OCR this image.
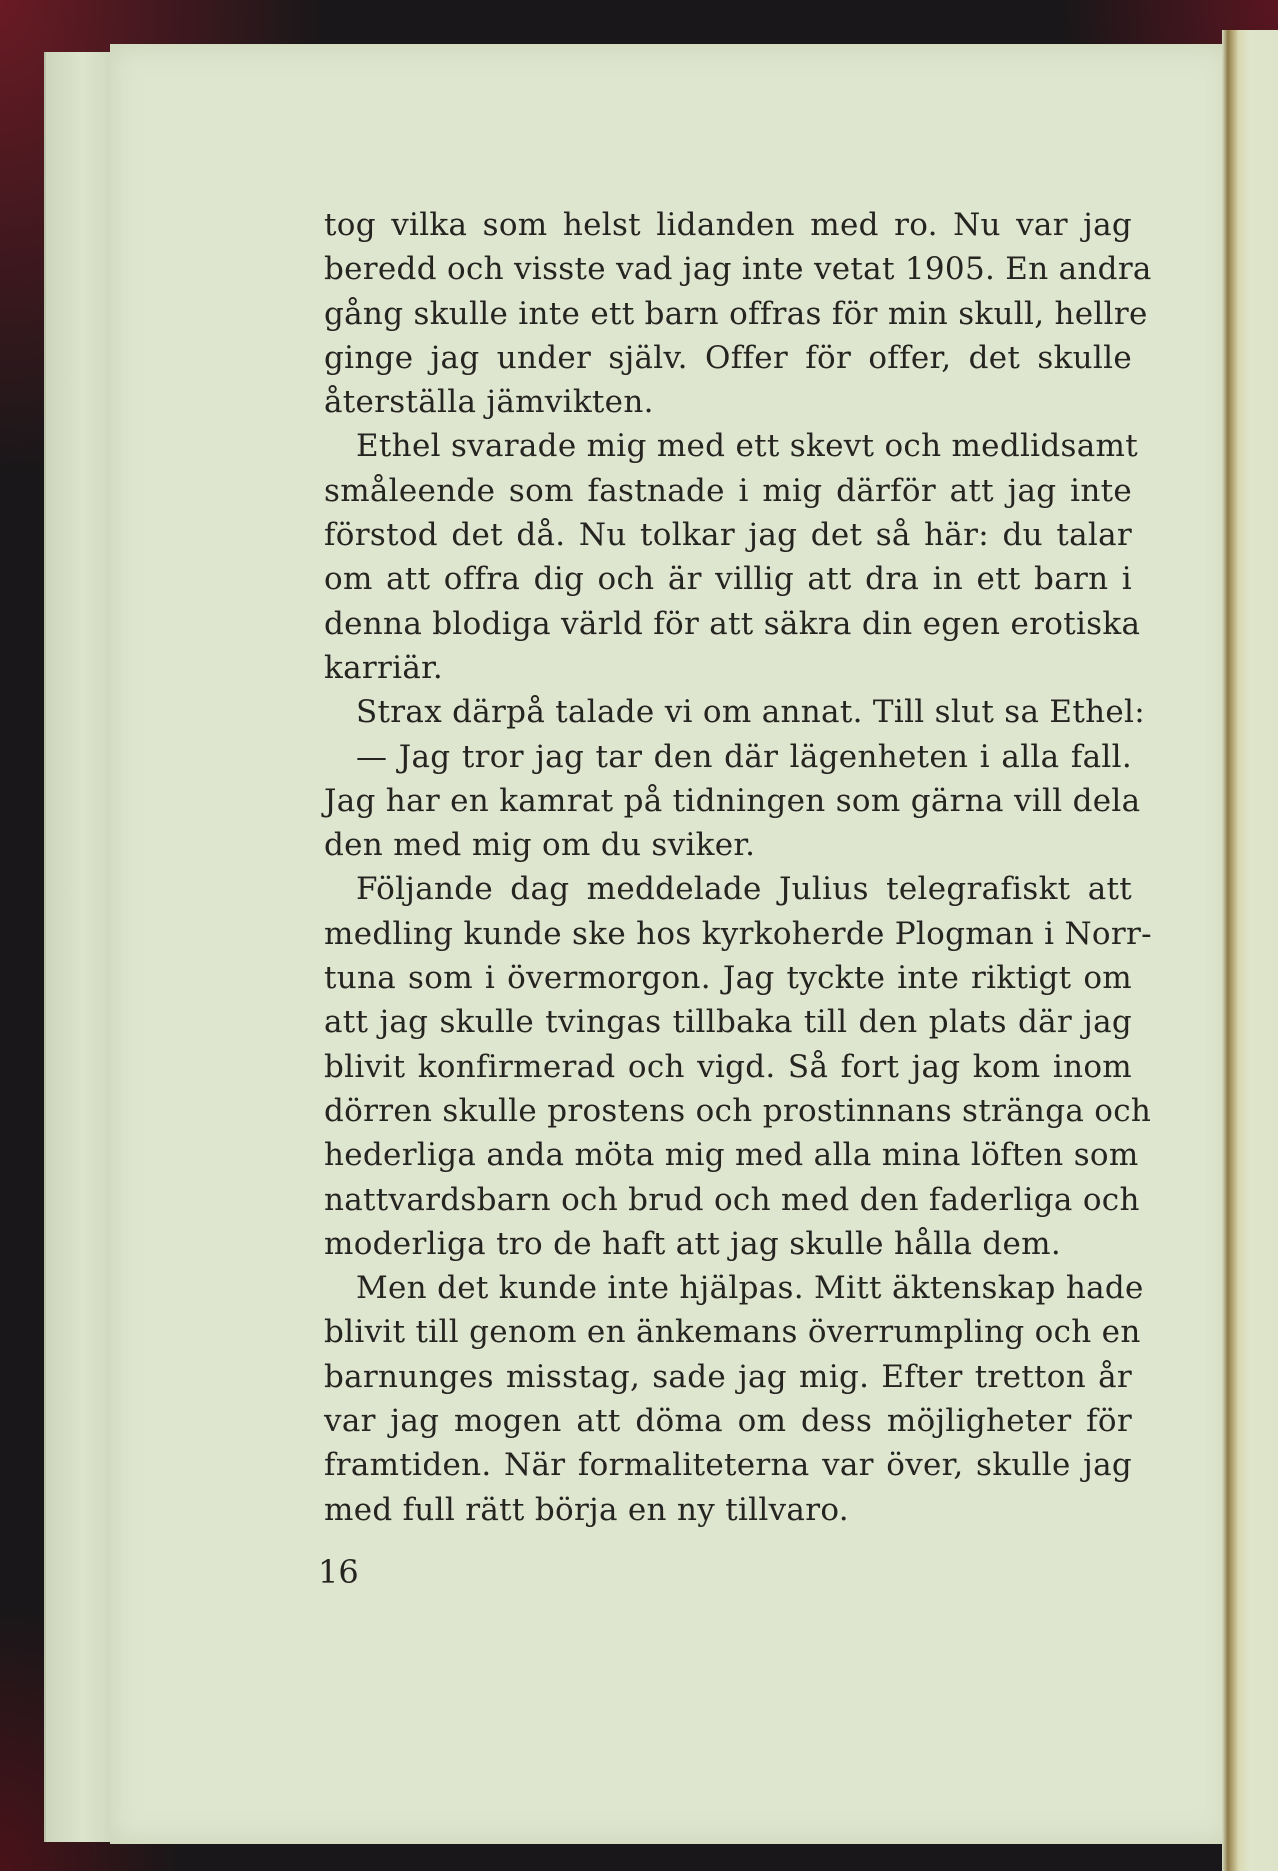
tog vilka som helst lidanden med ro. Nu var jag
beredd och visste vad jag inte vetat 1905. En andra
gång skulle inte ett barn offras för min skull, hellre
ginge jag under själv. Offer för offer, det skulle
återställa jämvikten.
Ethel svarade mig med ett skevt och medlidsamt
småleende som fastnade i mig därför att jag inte
förstod det då. Nu tolkar jag det så här: du talar
om att offra dig och är villig att dra in ett barn i
denna blodiga värld för att säkra din egen erotiska
karriär.
Strax därpå talade vi om annat. Till slut sa Ethel:
— Jag tror jag tar den där lägenheten i alla fall.
Jag har en kamrat på tidningen som gärna vill dela
den med mig om du sviker.
Följande dag meddelade Julius telegrafiskt att
medling kunde ske hos kyrkoherde Plogman i Norr-
tuna som i övermorgon. Jag tyckte inte riktigt om
att jag skulle tvingas tillbaka till den plats där jag
blivit konfirmerad och vigd. Så fort jag kom inom
dörren skulle prostens och prostinnans stränga och
hederliga anda möta mig med alla mina löften som
nattvardsbarn och brud och med den faderliga och
moderliga tro de haft att jag skulle hålla dem.
Men det kunde inte hjälpas. Mitt äktenskap hade
blivit till genom en änkemans överrumpling och en
barnunges misstag, sade jag mig. Efter tretton år
var jag mogen att döma om dess möjligheter för
framtiden. När formaliteterna var över, skulle jag
med full rätt börja en ny tillvaro.
16
